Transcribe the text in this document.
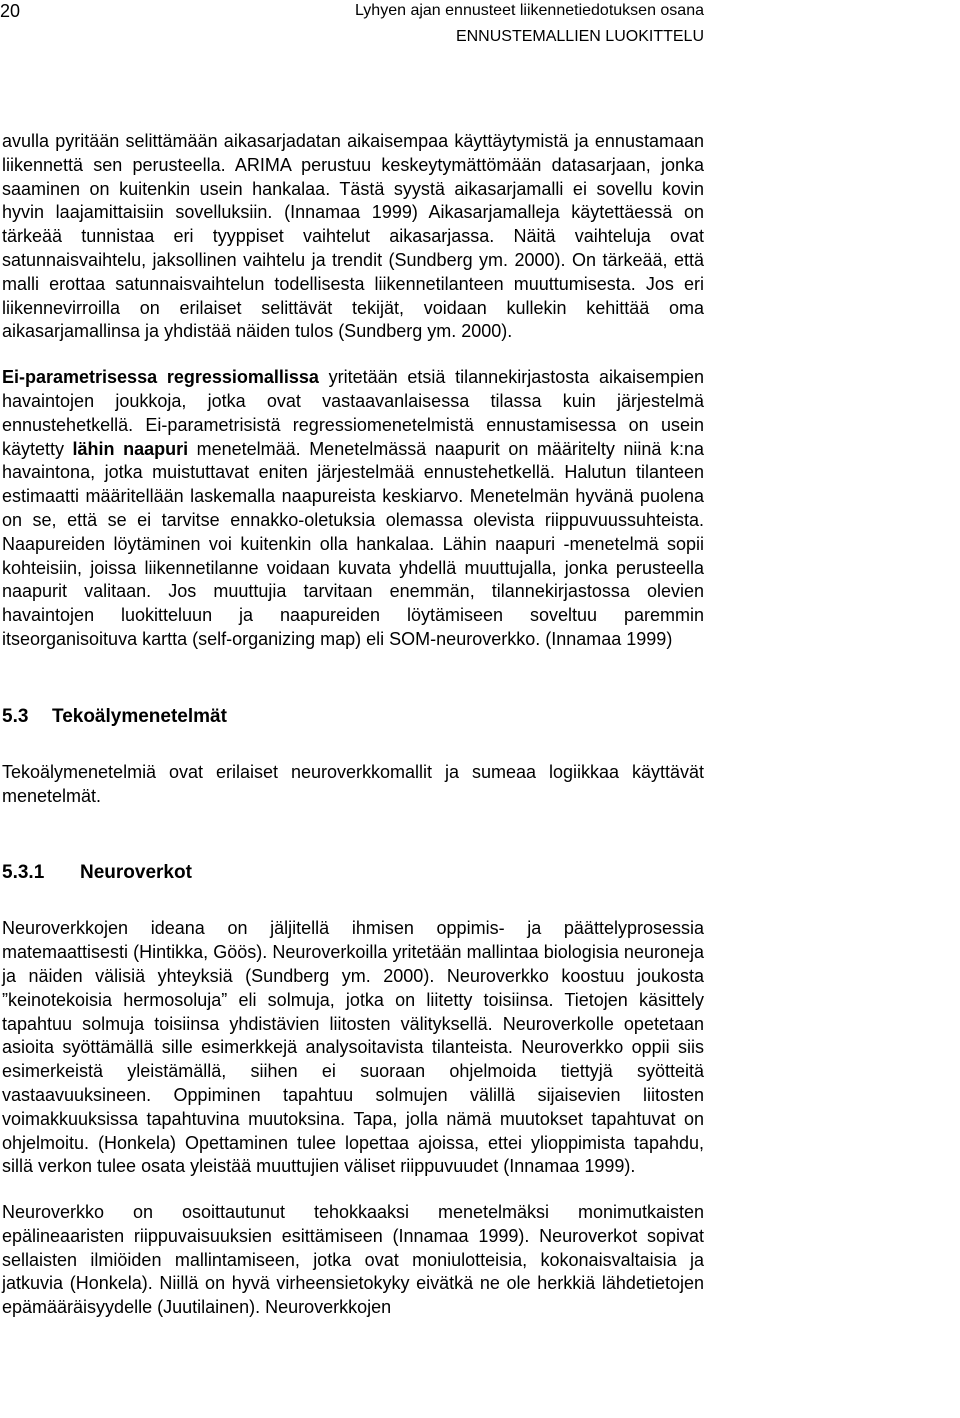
20	Lyhyen ajan ennusteet liikennetiedotuksen osana
ENNUSTEMALLIEN LUOKITTELU

avulla pyritään selittämään aikasarjadatan aikaisempaa käyttäytymistä ja ennustamaan liikennettä sen perusteella. ARIMA perustuu keskeytymättömään datasarjaan, jonka saaminen on kuitenkin usein hankalaa. Tästä syystä aikasarjamalli ei sovellu kovin hyvin laajamittaisiin sovelluksiin. (Innamaa 1999) Aikasarjamalleja käytettäessä on tärkeää tunnistaa eri tyyppiset vaihtelut aikasarjassa. Näitä vaihteluja ovat satunnaisvaihtelu, jaksollinen vaihtelu ja trendit (Sundberg ym. 2000). On tärkeää, että malli erottaa satunnaisvaihtelun todellisesta liikennetilanteen muuttumisesta. Jos eri liikennevirroilla on erilaiset selittävät tekijät, voidaan kullekin kehittää oma aikasarjamallinsa ja yhdistää näiden tulos (Sundberg ym. 2000).

Ei-parametrisessa regressiomallissa yritetään etsiä tilannekirjastosta aikaisempien havaintojen joukkoja, jotka ovat vastaavanlaisessa tilassa kuin järjestelmä ennustehetkellä. Ei-parametrisistä regressiomenetelmistä ennustamisessa on usein käytetty lähin naapuri menetelmää. Menetelmässä naapurit on määritelty niinä k:na havaintona, jotka muistuttavat eniten järjestelmää ennustehetkellä. Halutun tilanteen estimaatti määritellään laskemalla naapureista keskiarvo. Menetelmän hyvänä puolena on se, että se ei tarvitse ennakko-oletuksia olemassa olevista riippuvuussuhteista. Naapureiden löytäminen voi kuitenkin olla hankalaa. Lähin naapuri -menetelmä sopii kohteisiin, joissa liikennetilanne voidaan kuvata yhdellä muuttujalla, jonka perusteella naapurit valitaan. Jos muuttujia tarvitaan enemmän, tilannekirjastossa olevien havaintojen luokitteluun ja naapureiden löytämiseen soveltuu paremmin itseorganisoituva kartta (self-organizing map) eli SOM-neuroverkko. (Innamaa 1999)

5.3 Tekoälymenetelmät

Tekoälymenetelmiä ovat erilaiset neuroverkkomallit ja sumeaa logiikkaa käyttävät menetelmät.

5.3.1 Neuroverkot

Neuroverkkojen ideana on jäljitellä ihmisen oppimis- ja päättelyprosessia matemaattisesti (Hintikka, Göös). Neuroverkoilla yritetään mallintaa biologisia neuroneja ja näiden välisiä yhteyksiä (Sundberg ym. 2000). Neuroverkko koostuu joukosta ”keinotekoisia hermosoluja” eli solmuja, jotka on liitetty toisiinsa. Tietojen käsittely tapahtuu solmuja toisiinsa yhdistävien liitosten välityksellä. Neuroverkolle opetetaan asioita syöttämällä sille esimerkkejä analysoitavista tilanteista. Neuroverkko oppii siis esimerkeistä yleistämällä, siihen ei suoraan ohjelmoida tiettyjä syötteitä vastaavuuksineen. Oppiminen tapahtuu solmujen välillä sijaisevien liitosten voimakkuuksissa tapahtuvina muutoksina. Tapa, jolla nämä muutokset tapahtuvat on ohjelmoitu. (Honkela) Opettaminen tulee lopettaa ajoissa, ettei ylioppimista tapahdu, sillä verkon tulee osata yleistää muuttujien väliset riippuvuudet (Innamaa 1999).

Neuroverkko on osoittautunut tehokkaaksi menetelmäksi monimutkaisten epälineaaristen riippuvaisuuksien esittämiseen (Innamaa 1999). Neuroverkot sopivat sellaisten ilmiöiden mallintamiseen, jotka ovat moniulotteisia, kokonaisvaltaisia ja jatkuvia (Honkela). Niillä on hyvä virheensietokyky eivätkä ne ole herkkiä lähdetietojen epämääräisyydelle (Juutilainen). Neuroverkkojen
